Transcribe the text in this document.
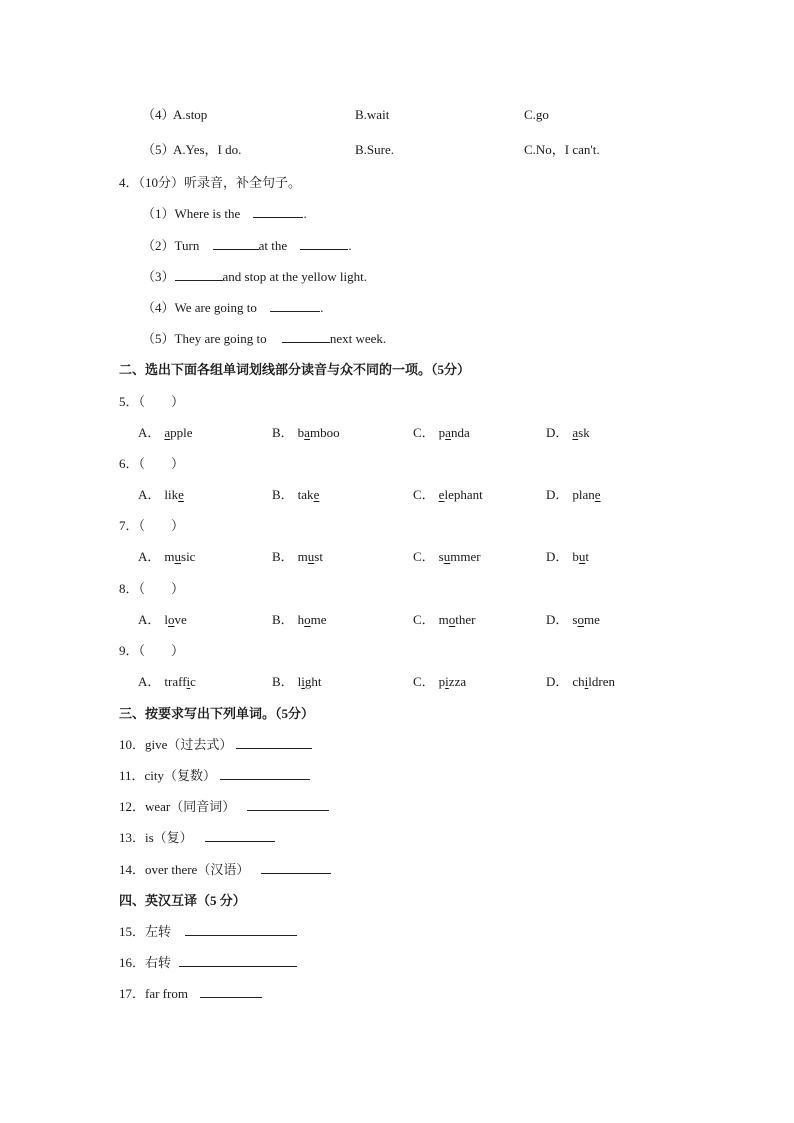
（4）
A.stop	B.wait	C.go
（5）
A.Yes，I do.	B.Sure.	C.No，I can't.
4．（10分）听录音，补全句子。
（1）Where is the	.
（2）Turn	at the	.
（3）	and stop at the yellow light.
（4）We are going to	.
（5）They are going to	next week.
二、选出下面各组单词划线部分读音与众不同的一项。（5分）
5．（　　）
A． apple	B． bamboo	C． panda	D． ask
6．（　　）
A． like	B． take	C． elephant	D． plane
7．（　　）
A． music	B． must	C． summer	D． but
8．（　　）
A． love	B． home	C． mother	D． some
9．（　　）
A． traffic	B． light	C． pizza	D． children
三、按要求写出下列单词。（5分）
10．give（过去式）
11．city（复数）
12．wear（同音词）
13．is（复）
14．over there（汉语）
四、英汉互译（5 分）
15．左转
16．右转
17．far from
